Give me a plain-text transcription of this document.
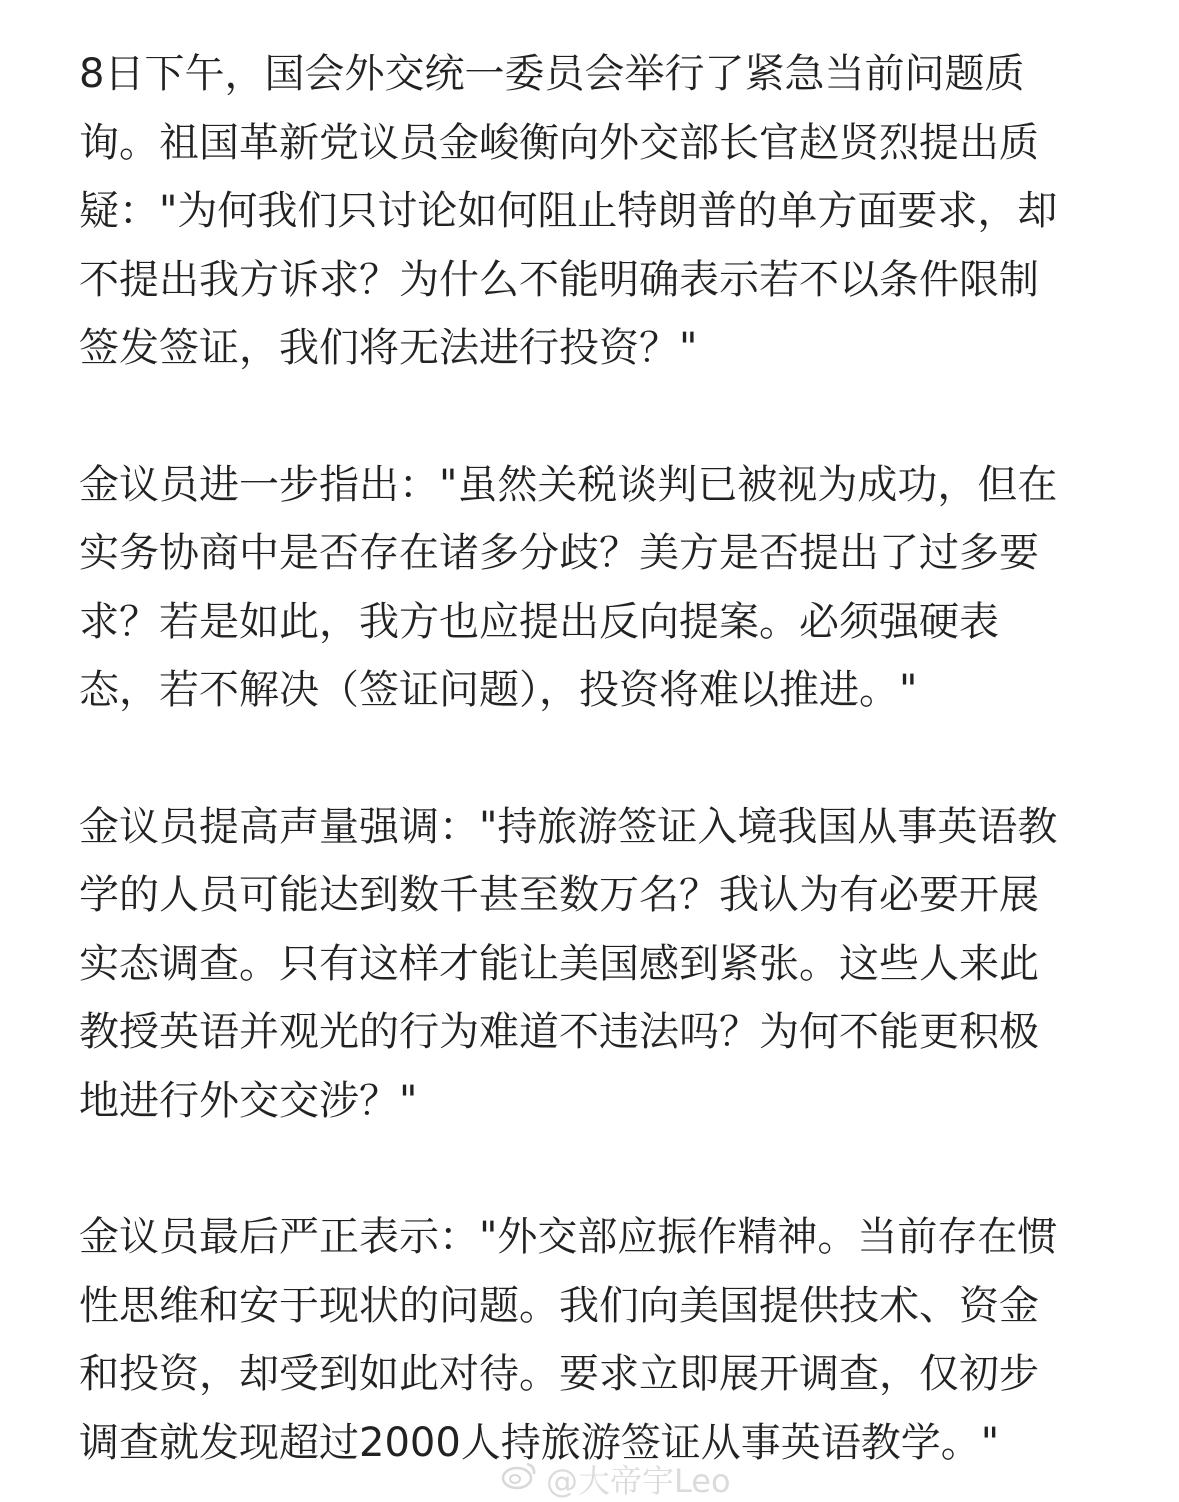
8日下午，国会外交统一委员会举行了紧急当前问题质
询。祖国革新党议员金峻衡向外交部长官赵贤烈提出质
疑："为何我们只讨论如何阻止特朗普的单方面要求，却
不提出我方诉求？为什么不能明确表示若不以条件限制
签发签证，我们将无法进行投资？"

金议员进一步指出："虽然关税谈判已被视为成功，但在
实务协商中是否存在诸多分歧？美方是否提出了过多要
求？若是如此，我方也应提出反向提案。必须强硬表
态，若不解决（签证问题），投资将难以推进。"

金议员提高声量强调："持旅游签证入境我国从事英语教
学的人员可能达到数千甚至数万名？我认为有必要开展
实态调查。只有这样才能让美国感到紧张。这些人来此
教授英语并观光的行为难道不违法吗？为何不能更积极
地进行外交交涉？"

金议员最后严正表示："外交部应振作精神。当前存在惯
性思维和安于现状的问题。我们向美国提供技术、资金
和投资，却受到如此对待。要求立即展开调查，仅初步
调查就发现超过2000人持旅游签证从事英语教学。"

@大帝宇Leo
